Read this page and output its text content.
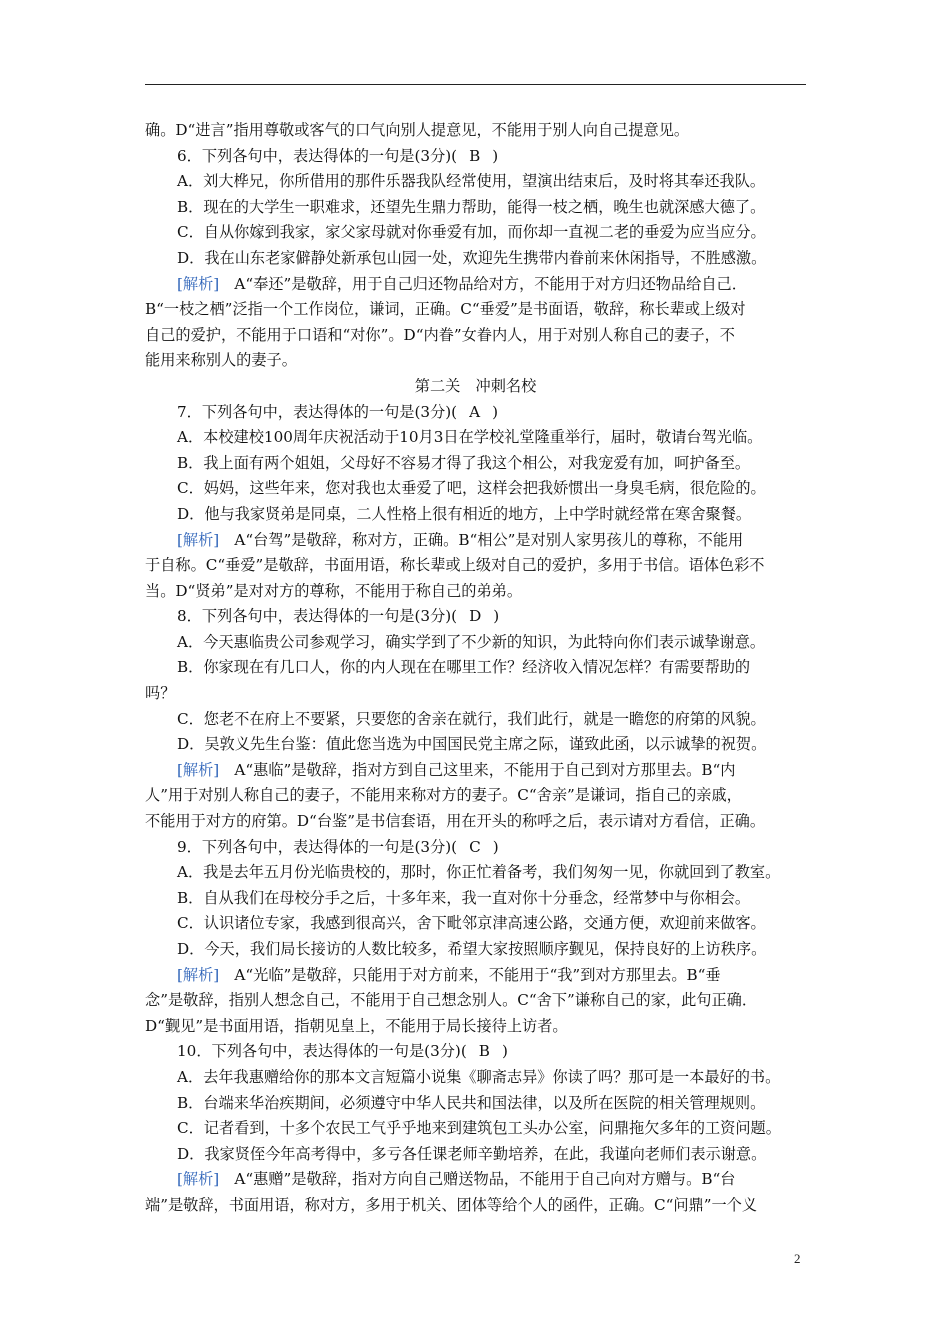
确。D“进言”指用尊敬或客气的口气向别人提意见，不能用于别人向自己提意见。

6．下列各句中，表达得体的一句是(3分)( B )

A．刘大桦兄，你所借用的那件乐器我队经常使用，望演出结束后，及时将其奉还我队。

B．现在的大学生一职难求，还望先生鼎力帮助，能得一枝之栖，晚生也就深感大德了。

C．自从你嫁到我家，家父家母就对你垂爱有加，而你却一直视二老的垂爱为应当应分。

D．我在山东老家僻静处新承包山园一处，欢迎先生携带内眷前来休闲指导，不胜感激。

[解析]　 A“奉还”是敬辞，用于自己归还物品给对方，不能用于对方归还物品给自己．

B“一枝之栖”泛指一个工作岗位，谦词，正确。C“垂爱”是书面语，敬辞，称长辈或上级对

自己的爱护，不能用于口语和“对你”。D“内眷”女眷内人，用于对别人称自己的妻子，不

能用来称别人的妻子。

第二关　冲刺名校

7．下列各句中，表达得体的一句是(3分)( A )

A．本校建校100周年庆祝活动于10月3日在学校礼堂隆重举行，届时，敬请台驾光临。

B．我上面有两个姐姐，父母好不容易才得了我这个相公，对我宠爱有加，呵护备至。

C．妈妈，这些年来，您对我也太垂爱了吧，这样会把我娇惯出一身臭毛病，很危险的。

D．他与我家贤弟是同桌，二人性格上很有相近的地方，上中学时就经常在寒舍聚餐。

[解析]　 A“台驾”是敬辞，称对方，正确。B“相公”是对别人家男孩儿的尊称，不能用

于自称。C“垂爱”是敬辞，书面用语，称长辈或上级对自己的爱护，多用于书信。语体色彩不

当。D“贤弟”是对对方的尊称，不能用于称自己的弟弟。

8．下列各句中，表达得体的一句是(3分)( D )

A．今天惠临贵公司参观学习，确实学到了不少新的知识，为此特向你们表示诚挚谢意。

B．你家现在有几口人，你的内人现在在哪里工作？经济收入情况怎样？有需要帮助的

吗？

C．您老不在府上不要紧，只要您的舍亲在就行，我们此行，就是一瞻您的府第的风貌。

D．吴敦义先生台鉴：值此您当选为中国国民党主席之际，谨致此函，以示诚挚的祝贺。

[解析]　 A“惠临”是敬辞，指对方到自己这里来，不能用于自己到对方那里去。B“内

人”用于对别人称自己的妻子，不能用来称对方的妻子。C“舍亲”是谦词，指自己的亲戚，

不能用于对方的府第。D“台鉴”是书信套语，用在开头的称呼之后，表示请对方看信，正确。

9．下列各句中，表达得体的一句是(3分)( C )

A．我是去年五月份光临贵校的，那时，你正忙着备考，我们匆匆一见，你就回到了教室。

B．自从我们在母校分手之后，十多年来，我一直对你十分垂念，经常梦中与你相会。

C．认识诸位专家，我感到很高兴，舍下毗邻京津高速公路，交通方便，欢迎前来做客。

D．今天，我们局长接访的人数比较多，希望大家按照顺序觐见，保持良好的上访秩序。

[解析]　 A“光临”是敬辞，只能用于对方前来，不能用于“我”到对方那里去。B“垂

念”是敬辞，指别人想念自己，不能用于自己想念别人。C“舍下”谦称自己的家，此句正确．

D“觐见”是书面用语，指朝见皇上，不能用于局长接待上访者。

10．下列各句中，表达得体的一句是(3分)( B )

A．去年我惠赠给你的那本文言短篇小说集《聊斋志异》你读了吗？那可是一本最好的书。

B．台端来华治疾期间，必须遵守中华人民共和国法律，以及所在医院的相关管理规则。

C．记者看到，十多个农民工气乎乎地来到建筑包工头办公室，问鼎拖欠多年的工资问题。

D．我家贤侄今年高考得中，多亏各任课老师辛勤培养，在此，我谨向老师们表示谢意。

[解析]　 A“惠赠”是敬辞，指对方向自己赠送物品，不能用于自己向对方赠与。B“台

端”是敬辞，书面用语，称对方，多用于机关、团体等给个人的函件，正确。C“问鼎”一个义

2
